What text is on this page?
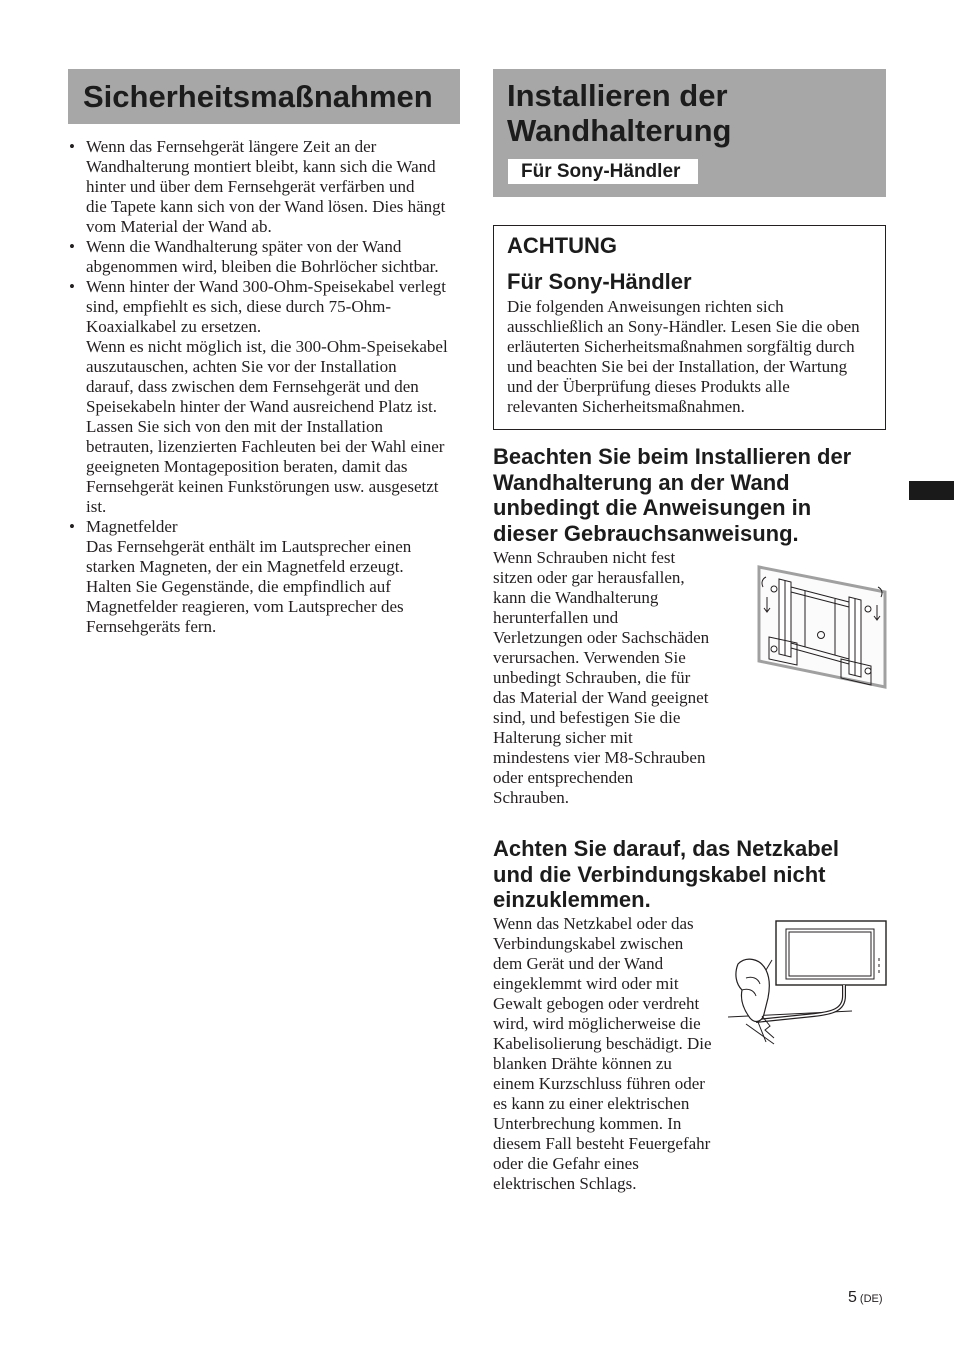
Sicherheitsmaßnahmen
• Wenn das Fernsehgerät längere Zeit an der
Wandhalterung montiert bleibt, kann sich die Wand
hinter und über dem Fernsehgerät verfärben und
die Tapete kann sich von der Wand lösen. Dies hängt
vom Material der Wand ab.
• Wenn die Wandhalterung später von der Wand
abgenommen wird, bleiben die Bohrlöcher sichtbar.
• Wenn hinter der Wand 300-Ohm-Speisekabel verlegt
sind, empfiehlt es sich, diese durch 75-Ohm-
Koaxialkabel zu ersetzen.
Wenn es nicht möglich ist, die 300-Ohm-Speisekabel
auszutauschen, achten Sie vor der Installation
darauf, dass zwischen dem Fernsehgerät und den
Speisekabeln hinter der Wand ausreichend Platz ist.
Lassen Sie sich von den mit der Installation
betrauten, lizenzierten Fachleuten bei der Wahl einer
geeigneten Montageposition beraten, damit das
Fernsehgerät keinen Funkstörungen usw. ausgesetzt
ist.
• Magnetfelder
Das Fernsehgerät enthält im Lautsprecher einen
starken Magneten, der ein Magnetfeld erzeugt.
Halten Sie Gegenstände, die empfindlich auf
Magnetfelder reagieren, vom Lautsprecher des
Fernsehgeräts fern.
Installieren der
Wandhalterung
Für Sony-Händler
ACHTUNG
Für Sony-Händler
Die folgenden Anweisungen richten sich
ausschließlich an Sony-Händler. Lesen Sie die oben
erläuterten Sicherheitsmaßnahmen sorgfältig durch
und beachten Sie bei der Installation, der Wartung
und der Überprüfung dieses Produkts alle
relevanten Sicherheitsmaßnahmen.
Beachten Sie beim Installieren der
Wandhalterung an der Wand
unbedingt die Anweisungen in
dieser Gebrauchsanweisung.
Wenn Schrauben nicht fest
sitzen oder gar herausfallen,
kann die Wandhalterung
herunterfallen und
Verletzungen oder Sachschäden
verursachen. Verwenden Sie
unbedingt Schrauben, die für
das Material der Wand geeignet
sind, und befestigen Sie die
Halterung sicher mit
mindestens vier M8-Schrauben
oder entsprechenden
Schrauben.
Achten Sie darauf, das Netzkabel
und die Verbindungskabel nicht
einzuklemmen.
Wenn das Netzkabel oder das
Verbindungskabel zwischen
dem Gerät und der Wand
eingeklemmt wird oder mit
Gewalt gebogen oder verdreht
wird, wird möglicherweise die
Kabelisolierung beschädigt. Die
blanken Drähte können zu
einem Kurzschluss führen oder
es kann zu einer elektrischen
Unterbrechung kommen. In
diesem Fall besteht Feuergefahr
oder die Gefahr eines
elektrischen Schlags.
5 (DE)
